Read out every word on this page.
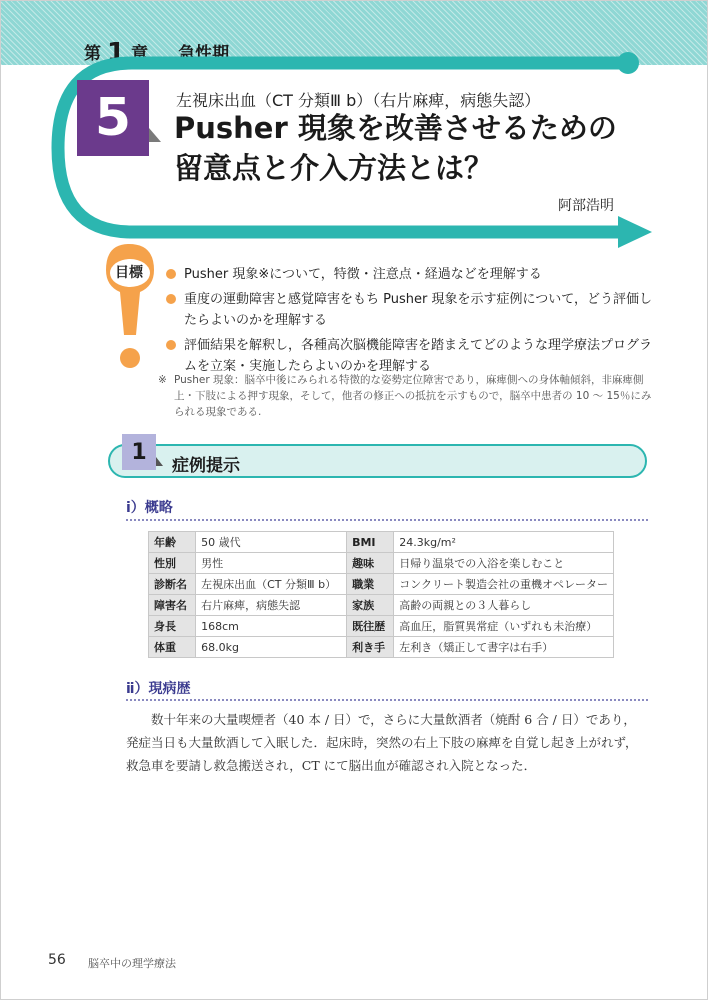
第 1 章 急性期
5	左視床出血（CT 分類Ⅲ b）（右片麻痺，病態失認）
Pusher 現象を改善させるための
留意点と介入方法とは？
阿部浩明
目標	Pusher 現象※について，特徴・注意点・経過などを理解する
重度の運動障害と感覚障害をもち Pusher 現象を示す症例について，どう評価したらよいのかを理解する
評価結果を解釈し，各種高次脳機能障害を踏まえてどのような理学療法プログラムを立案・実施したらよいのかを理解する
※ Pusher 現象：脳卒中後にみられる特徴的な姿勢定位障害であり，麻痺側への身体軸傾斜，非麻痺側上・下肢による押す現象，そして，他者の修正への抵抗を示すもので，脳卒中患者の 10 〜 15％にみられる現象である.
1
症例提示
ⅰ）概略
年齢	50 歳代	BMI	24.3kg/m²
性別	男性	趣味	日帰り温泉での入浴を楽しむこと
診断名	左視床出血（CT 分類Ⅲ b）	職業	コンクリート製造会社の重機オペレーター
障害名	右片麻痺，病態失認	家族	高齢の両親との３人暮らし
身長	168cm	既往歴	高血圧，脂質異常症（いずれも未治療）
体重	68.0kg	利き手	左利き（矯正して書字は右手）
ⅱ）現病歴

数十年来の大量喫煙者（40 本 / 日）で，さらに大量飲酒者（焼酎 6 合 / 日）であり，発症当日も大量飲酒して入眠した．起床時，突然の右上下肢の麻痺を自覚し起き上がれず，救急車を要請し救急搬送され，CT にて脳出血が確認され入院となった．

56 脳卒中の理学療法
